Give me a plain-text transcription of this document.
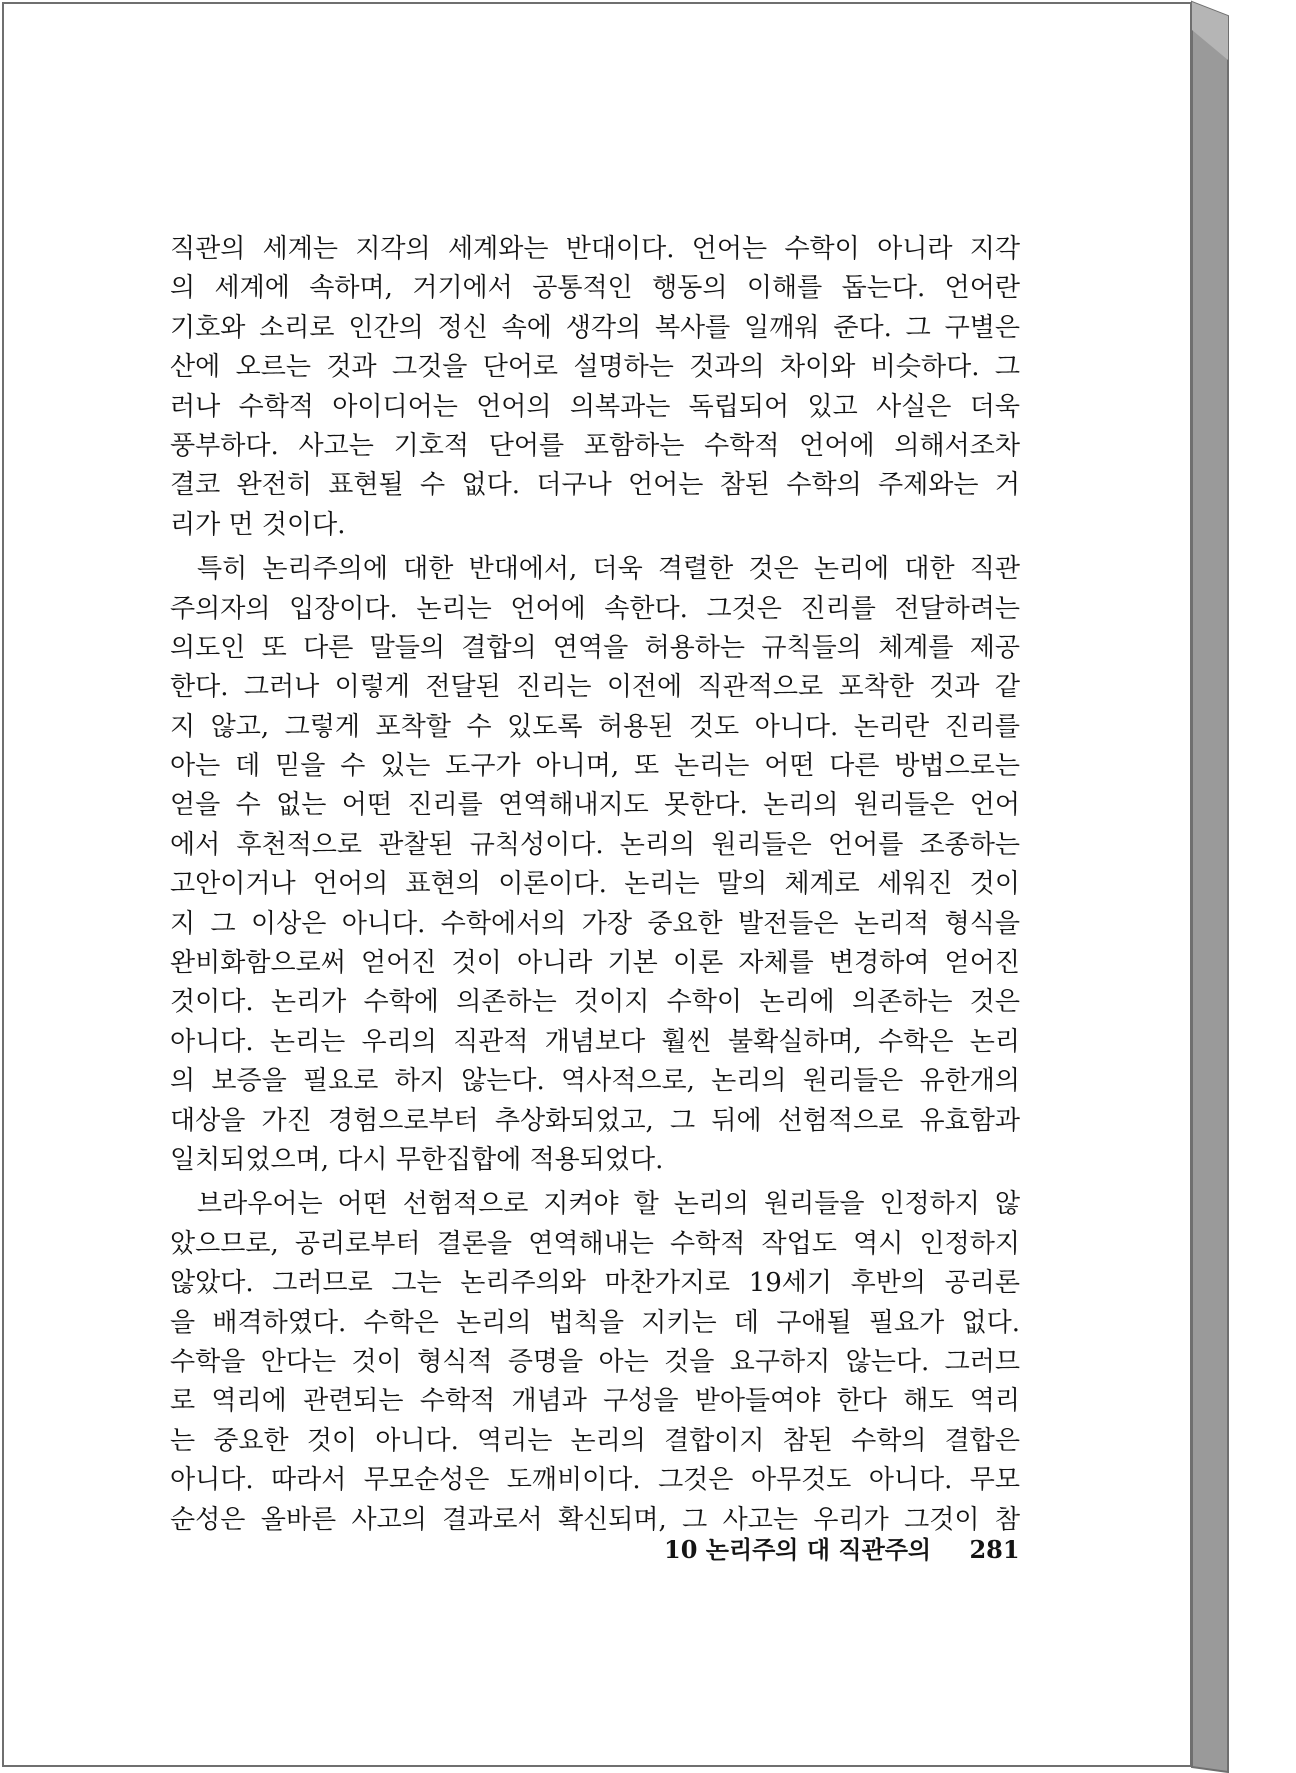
직관의 세계는 지각의 세계와는 반대이다. 언어는 수학이 아니라 지각
의 세계에 속하며, 거기에서 공통적인 행동의 이해를 돕는다. 언어란
기호와 소리로 인간의 정신 속에 생각의 복사를 일깨워 준다. 그 구별은
산에 오르는 것과 그것을 단어로 설명하는 것과의 차이와 비슷하다. 그
러나 수학적 아이디어는 언어의 의복과는 독립되어 있고 사실은 더욱
풍부하다. 사고는 기호적 단어를 포함하는 수학적 언어에 의해서조차
결코 완전히 표현될 수 없다. 더구나 언어는 참된 수학의 주제와는 거
리가 먼 것이다.
특히 논리주의에 대한 반대에서, 더욱 격렬한 것은 논리에 대한 직관
주의자의 입장이다. 논리는 언어에 속한다. 그것은 진리를 전달하려는
의도인 또 다른 말들의 결합의 연역을 허용하는 규칙들의 체계를 제공
한다. 그러나 이렇게 전달된 진리는 이전에 직관적으로 포착한 것과 같
지 않고, 그렇게 포착할 수 있도록 허용된 것도 아니다. 논리란 진리를
아는 데 믿을 수 있는 도구가 아니며, 또 논리는 어떤 다른 방법으로는
얻을 수 없는 어떤 진리를 연역해내지도 못한다. 논리의 원리들은 언어
에서 후천적으로 관찰된 규칙성이다. 논리의 원리들은 언어를 조종하는
고안이거나 언어의 표현의 이론이다. 논리는 말의 체계로 세워진 것이
지 그 이상은 아니다. 수학에서의 가장 중요한 발전들은 논리적 형식을
완비화함으로써 얻어진 것이 아니라 기본 이론 자체를 변경하여 얻어진
것이다. 논리가 수학에 의존하는 것이지 수학이 논리에 의존하는 것은
아니다. 논리는 우리의 직관적 개념보다 훨씬 불확실하며, 수학은 논리
의 보증을 필요로 하지 않는다. 역사적으로, 논리의 원리들은 유한개의
대상을 가진 경험으로부터 추상화되었고, 그 뒤에 선험적으로 유효함과
일치되었으며, 다시 무한집합에 적용되었다.
브라우어는 어떤 선험적으로 지켜야 할 논리의 원리들을 인정하지 않
았으므로, 공리로부터 결론을 연역해내는 수학적 작업도 역시 인정하지
않았다. 그러므로 그는 논리주의와 마찬가지로 19세기 후반의 공리론
을 배격하였다. 수학은 논리의 법칙을 지키는 데 구애될 필요가 없다.
수학을 안다는 것이 형식적 증명을 아는 것을 요구하지 않는다. 그러므
로 역리에 관련되는 수학적 개념과 구성을 받아들여야 한다 해도 역리
는 중요한 것이 아니다. 역리는 논리의 결합이지 참된 수학의 결합은
아니다. 따라서 무모순성은 도깨비이다. 그것은 아무것도 아니다. 무모
순성은 올바른 사고의 결과로서 확신되며, 그 사고는 우리가 그것이 참
10 논리주의 대 직관주의 281
